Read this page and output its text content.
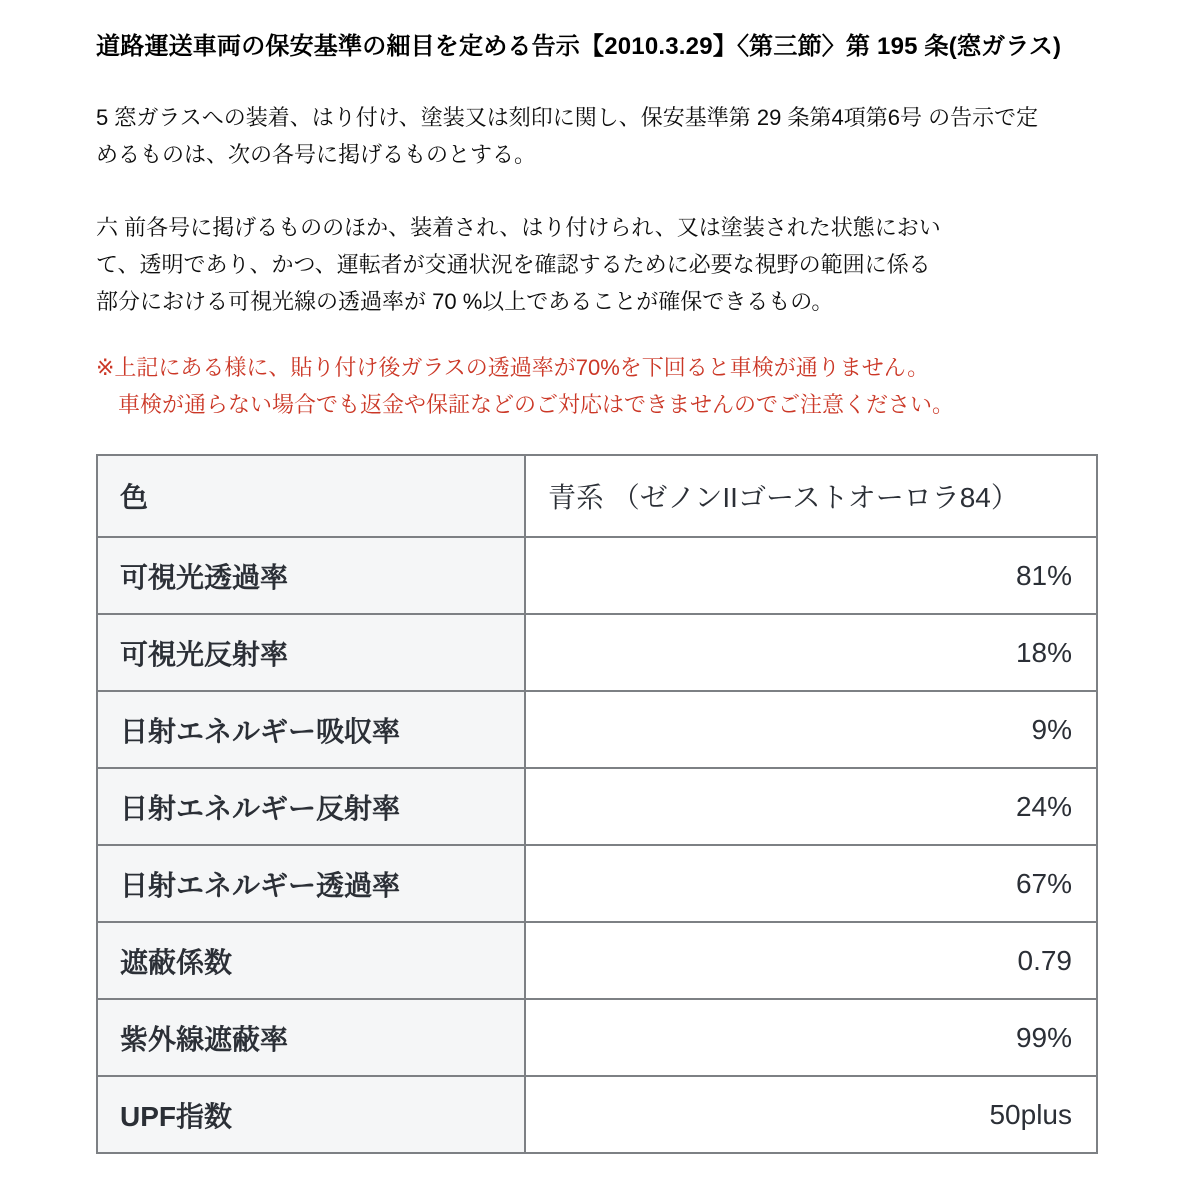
道路運送車両の保安基準の細目を定める告示【2010.3.29】〈第三節〉第 195 条(窓ガラス)

5 窓ガラスへの装着、はり付け、塗装又は刻印に関し、保安基準第 29 条第4項第6号 の告示で定
めるものは、次の各号に掲げるものとする。

六 前各号に掲げるもののほか、装着され、はり付けられ、又は塗装された状態におい
て、透明であり、かつ、運転者が交通状況を確認するために必要な視野の範囲に係る
部分における可視光線の透過率が 70 %以上であることが確保できるもの。

※上記にある様に、貼り付け後ガラスの透過率が70%を下回ると車検が通りません。
車検が通らない場合でも返金や保証などのご対応はできませんのでご注意ください。

色	青系 （ゼノンIIゴーストオーロラ84）
可視光透過率	81%
可視光反射率	18%
日射エネルギー吸収率	9%
日射エネルギー反射率	24%
日射エネルギー透過率	67%
遮蔽係数	0.79
紫外線遮蔽率	99%
UPF指数	50plus
